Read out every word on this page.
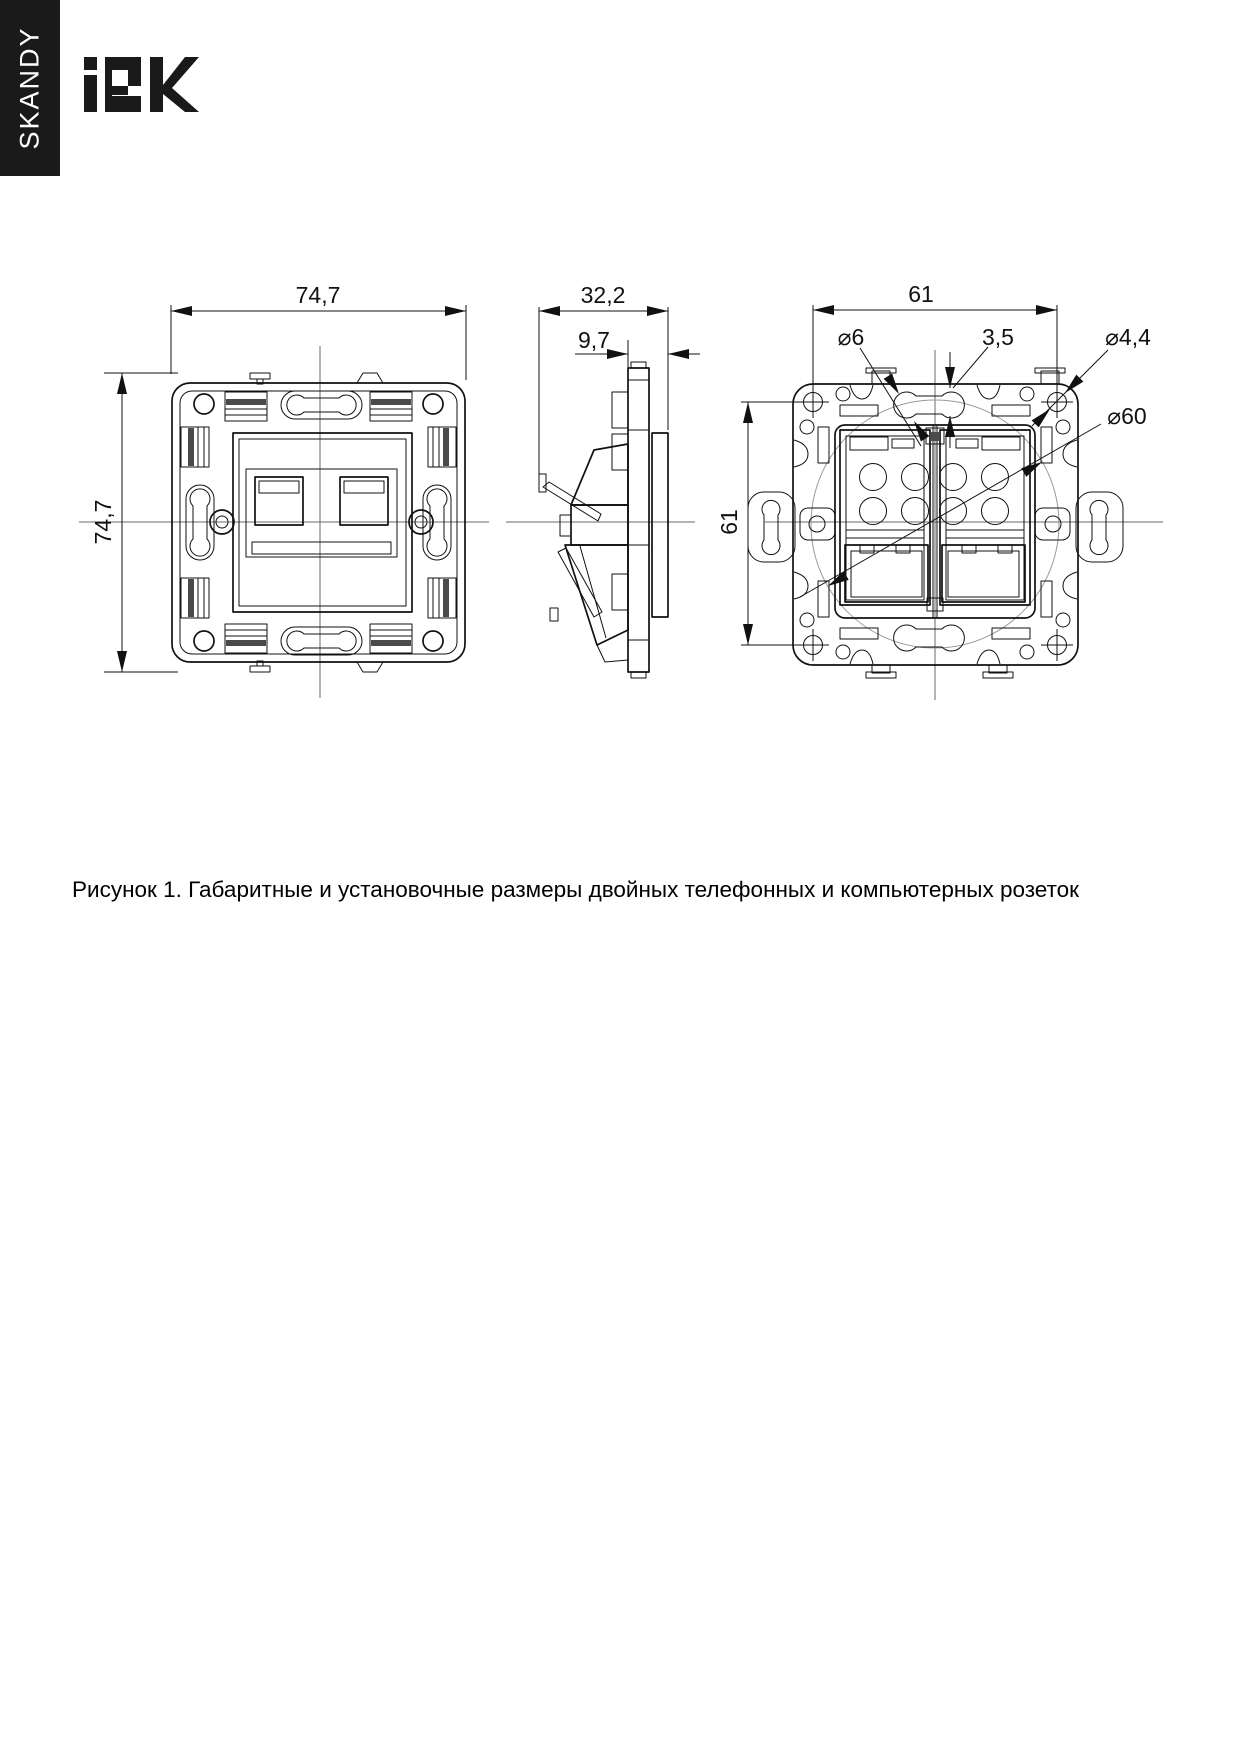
SKANDY
74,7
74,7
32,2
9,7
61
61
⌀6	3,5	⌀4,4
⌀60
Рисунок 1. Габаритные и установочные размеры двойных телефонных и компьютерных розеток
